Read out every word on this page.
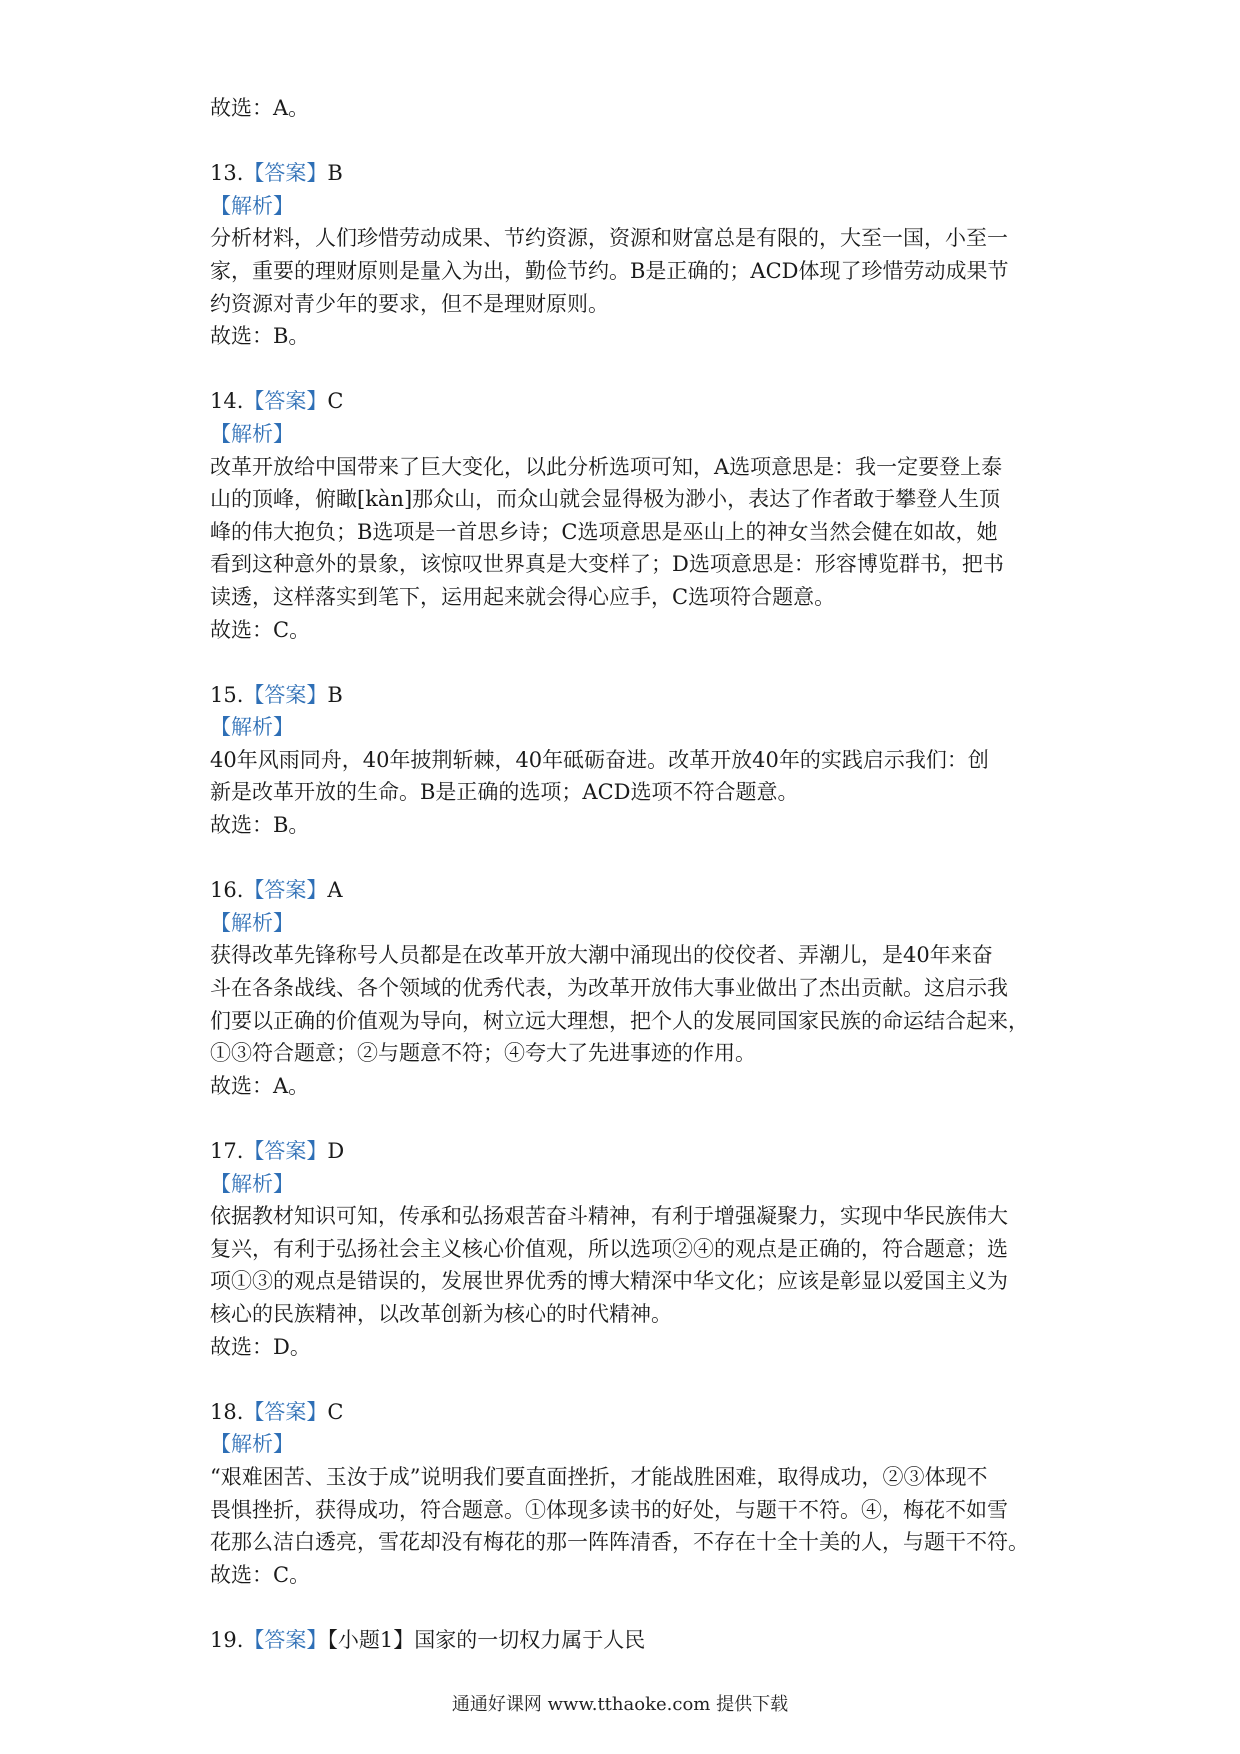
故选：A。

13.【答案】B

【解析】

分析材料，人们珍惜劳动成果、节约资源，资源和财富总是有限的，大至一国，小至一

家，重要的理财原则是量入为出，勤俭节约。B是正确的；ACD体现了珍惜劳动成果节

约资源对青少年的要求，但不是理财原则。

故选：B。

14.【答案】C

【解析】

改革开放给中国带来了巨大变化，以此分析选项可知，A选项意思是：我一定要登上泰

山的顶峰，俯瞰[kàn]那众山，而众山就会显得极为渺小，表达了作者敢于攀登人生顶

峰的伟大抱负；B选项是一首思乡诗；C选项意思是巫山上的神女当然会健在如故，她

看到这种意外的景象，该惊叹世界真是大变样了；D选项意思是：形容博览群书，把书

读透，这样落实到笔下，运用起来就会得心应手，C选项符合题意。

故选：C。

15.【答案】B

【解析】

40年风雨同舟，40年披荆斩棘，40年砥砺奋进。改革开放40年的实践启示我们：创

新是改革开放的生命。B是正确的选项；ACD选项不符合题意。

故选：B。

16.【答案】A

【解析】

获得改革先锋称号人员都是在改革开放大潮中涌现出的佼佼者、弄潮儿，是40年来奋

斗在各条战线、各个领域的优秀代表，为改革开放伟大事业做出了杰出贡献。这启示我

们要以正确的价值观为导向，树立远大理想，把个人的发展同国家民族的命运结合起来，

①③符合题意；②与题意不符；④夸大了先进事迹的作用。

故选：A。

17.【答案】D

【解析】

依据教材知识可知，传承和弘扬艰苦奋斗精神，有利于增强凝聚力，实现中华民族伟大

复兴，有利于弘扬社会主义核心价值观，所以选项②④的观点是正确的，符合题意；选

项①③的观点是错误的，发展世界优秀的博大精深中华文化；应该是彰显以爱国主义为

核心的民族精神，以改革创新为核心的时代精神。

故选：D。

18.【答案】C

【解析】

“艰难困苦、玉汝于成”说明我们要直面挫折，才能战胜困难，取得成功，②③体现不

畏惧挫折，获得成功，符合题意。①体现多读书的好处，与题干不符。④，梅花不如雪

花那么洁白透亮，雪花却没有梅花的那一阵阵清香，不存在十全十美的人，与题干不符。

故选：C。

19.【答案】【小题1】国家的一切权力属于人民

通通好课网 www.tthaoke.com 提供下载
